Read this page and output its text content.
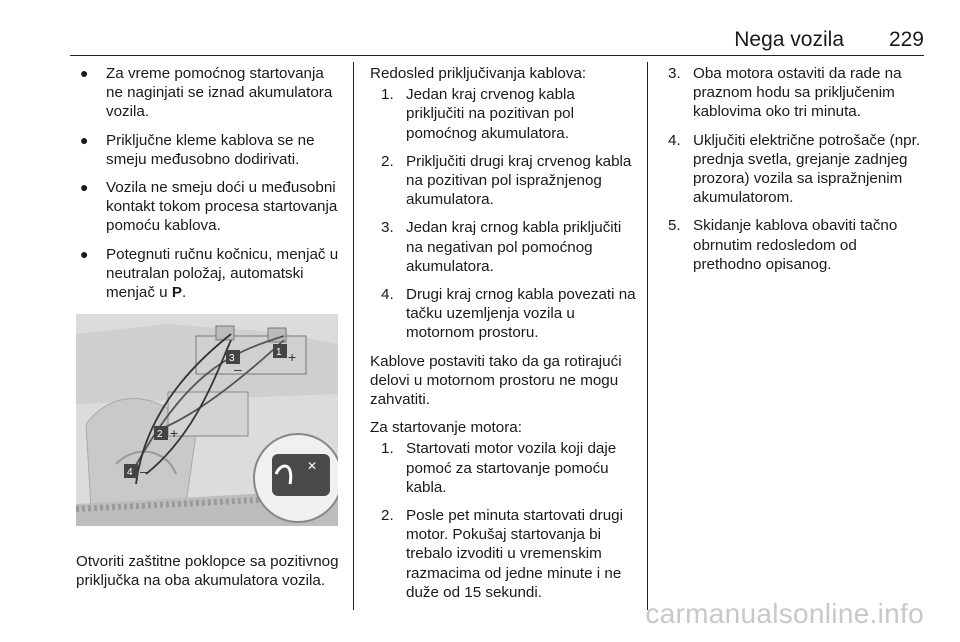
Nega vozila 229
● Za vreme pomoćnog startovanja ne naginjati se iznad akumulatora vozila.
● Priključne kleme kablova se ne smeju međusobno dodirivati.
● Vozila ne smeju doći u međusobni kontakt tokom procesa startovanja pomoću kablova.
● Potegnuti ručnu kočnicu, menjač u neutralan položaj, automatski menjač u P.
✕
3
–
1 +
2 +
4 –
Otvoriti zaštitne poklopce sa pozitivnog priključka na oba akumulatora vozila.
Redosled priključivanja kablova:
1. Jedan kraj crvenog kabla priključiti na pozitivan pol pomoćnog akumulatora.
2. Priključiti drugi kraj crvenog kabla na pozitivan pol ispražnjenog akumulatora.
3. Jedan kraj crnog kabla priključiti na negativan pol pomoćnog akumulatora.
4. Drugi kraj crnog kabla povezati na tačku uzemljenja vozila u motornom prostoru.
Kablove postaviti tako da ga rotirajući delovi u motornom prostoru ne mogu zahvatiti.
Za startovanje motora:
1. Startovati motor vozila koji daje pomoć za startovanje pomoću kabla.
2. Posle pet minuta startovati drugi motor. Pokušaj startovanja bi trebalo izvoditi u vremenskim razmacima od jedne minute i ne duže od 15 sekundi.
3. Oba motora ostaviti da rade na praznom hodu sa priključenim kablovima oko tri minuta.
4. Uključiti električne potrošače (npr. prednja svetla, grejanje zadnjeg prozora) vozila sa ispražnjenim akumulatorom.
5. Skidanje kablova obaviti tačno obrnutim redosledom od prethodno opisanog.
carmanualsonline.info
